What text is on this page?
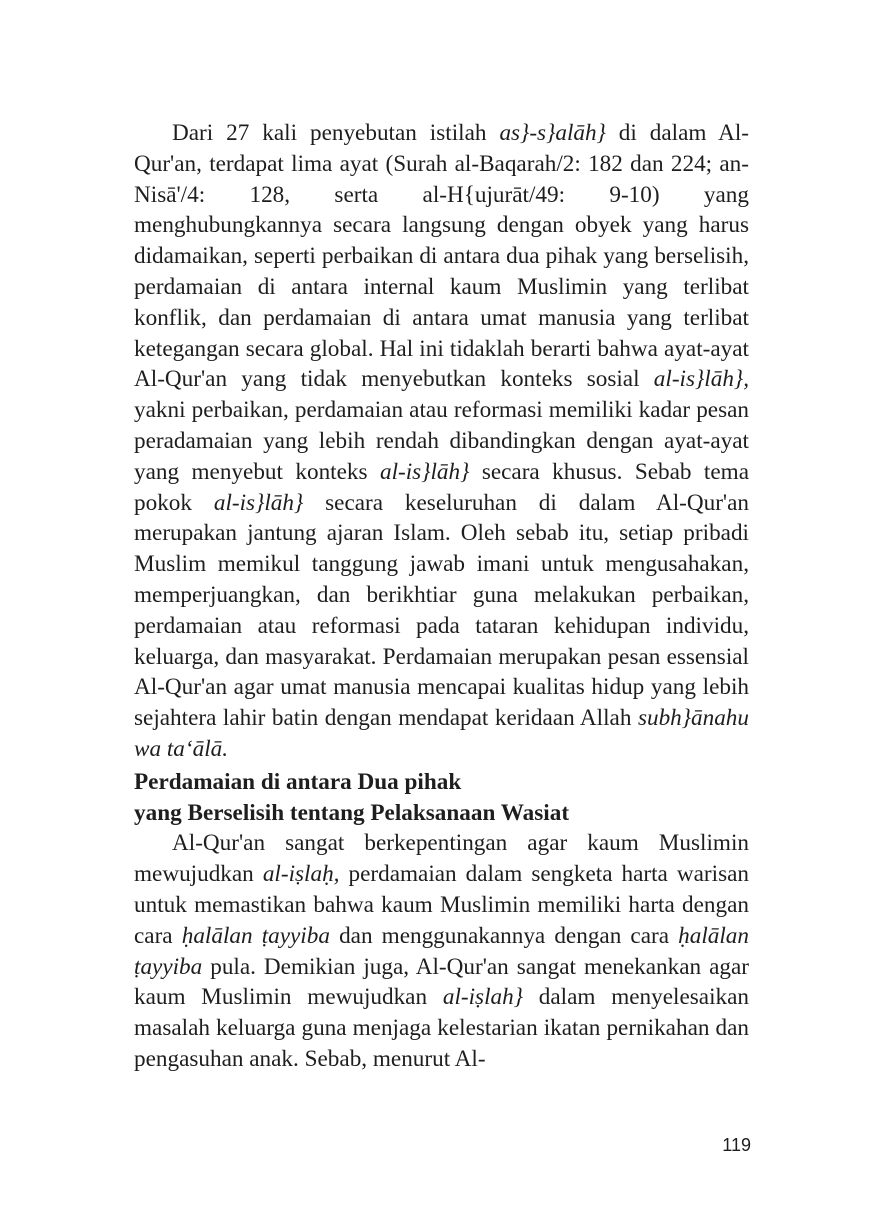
Dari 27 kali penyebutan istilah as}-s}alāh} di dalam Al-Qur'an, terdapat lima ayat (Surah al-Baqarah/2: 182 dan 224; an-Nisā'/4: 128, serta al-H{ujurāt/49: 9-10) yang menghubungkannya secara langsung dengan obyek yang harus didamaikan, seperti perbaikan di antara dua pihak yang berselisih, perdamaian di antara internal kaum Muslimin yang terlibat konflik, dan perdamaian di antara umat manusia yang terlibat ketegangan secara global. Hal ini tidaklah berarti bahwa ayat-ayat Al-Qur'an yang tidak menyebutkan konteks sosial al-is}lāh}, yakni perbaikan, perdamaian atau reformasi memiliki kadar pesan peradamaian yang lebih rendah dibandingkan dengan ayat-ayat yang menyebut konteks al-is}lāh} secara khusus. Sebab tema pokok al-is}lāh} secara keseluruhan di dalam Al-Qur'an merupakan jantung ajaran Islam. Oleh sebab itu, setiap pribadi Muslim memikul tanggung jawab imani untuk mengusahakan, memperjuangkan, dan berikhtiar guna melakukan perbaikan, perdamaian atau reformasi pada tataran kehidupan individu, keluarga, dan masyarakat. Perdamaian merupakan pesan essensial Al-Qur'an agar umat manusia mencapai kualitas hidup yang lebih sejahtera lahir batin dengan mendapat keridaan Allah subh}ānahu wa ta‘ālā.

Perdamaian di antara Dua pihak
yang Berselisih tentang Pelaksanaan Wasiat

Al-Qur'an sangat berkepentingan agar kaum Muslimin mewujudkan al-iṣlaḥ, perdamaian dalam sengketa harta warisan untuk memastikan bahwa kaum Muslimin memiliki harta dengan cara ḥalālan ṭayyiba dan menggunakannya dengan cara ḥalālan ṭayyiba pula. Demikian juga, Al-Qur'an sangat menekankan agar kaum Muslimin mewujudkan al-iṣlah} dalam menyelesaikan masalah keluarga guna menjaga kelestarian ikatan pernikahan dan pengasuhan anak. Sebab, menurut Al-

119
